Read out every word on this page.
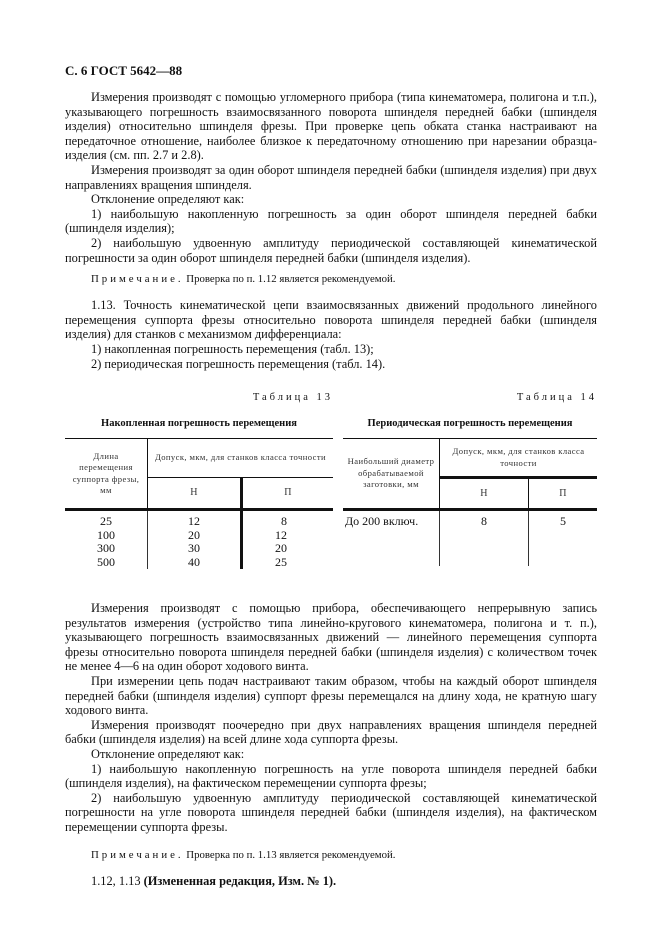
С. 6 ГОСТ 5642—88

Измерения производят с помощью угломерного прибора (типа кинематомера, полигона и т.п.), указывающего погрешность взаимосвязанного поворота шпинделя передней бабки (шпинделя изделия) относительно шпинделя фрезы. При проверке цепь обката станка настраивают на передаточное отношение, наиболее близкое к передаточному отношению при нарезании образца-изделия (см. пп. 2.7 и 2.8).

Измерения производят за один оборот шпинделя передней бабки (шпинделя изделия) при двух направлениях вращения шпинделя.

Отклонение определяют как:

1) наибольшую накопленную погрешность за один оборот шпинделя передней бабки (шпинделя изделия);

2) наибольшую удвоенную амплитуду периодической составляющей кинематической погрешности за один оборот шпинделя передней бабки (шпинделя изделия).

Примечание. Проверка по п. 1.12 является рекомендуемой.

1.13. Точность кинематической цепи взаимосвязанных движений продольного линейного перемещения суппорта фрезы относительно поворота шпинделя передней бабки (шпинделя изделия) для станков с механизмом дифференциала:

1) накопленная погрешность перемещения (табл. 13);

2) периодическая погрешность перемещения (табл. 14).

Таблица 13
Накопленная погрешность перемещения
Длина перемещения суппорта фрезы, мм	Допуск, мкм, для станков класса точности	
	Н	П
25	12	8
100	20	12
300	30	20
500	40	25
Таблица 14
Периодическая погрешность перемещения
Наибольший диаметр обрабатываемой заготовки, мм	Допуск, мкм, для станков класса точности	
	Н	П
До 200 включ.	8	5

Измерения производят с помощью прибора, обеспечивающего непрерывную запись результатов измерения (устройство типа линейно-кругового кинематомера, полигона и т. п.), указывающего погрешность взаимосвязанных движений — линейного перемещения суппорта фрезы относительно поворота шпинделя передней бабки (шпинделя изделия) с количеством точек не менее 4—6 на один оборот ходового винта.

При измерении цепь подач настраивают таким образом, чтобы на каждый оборот шпинделя передней бабки (шпинделя изделия) суппорт фрезы перемещался на длину хода, не кратную шагу ходового винта.

Измерения производят поочередно при двух направлениях вращения шпинделя передней бабки (шпинделя изделия) на всей длине хода суппорта фрезы.

Отклонение определяют как:

1) наибольшую накопленную погрешность на угле поворота шпинделя передней бабки (шпинделя изделия), на фактическом перемещении суппорта фрезы;

2) наибольшую удвоенную амплитуду периодической составляющей кинематической погрешности на угле поворота шпинделя передней бабки (шпинделя изделия), на фактическом перемещении суппорта фрезы.

Примечание. Проверка по п. 1.13 является рекомендуемой.

1.12, 1.13 (Измененная редакция, Изм. № 1).
